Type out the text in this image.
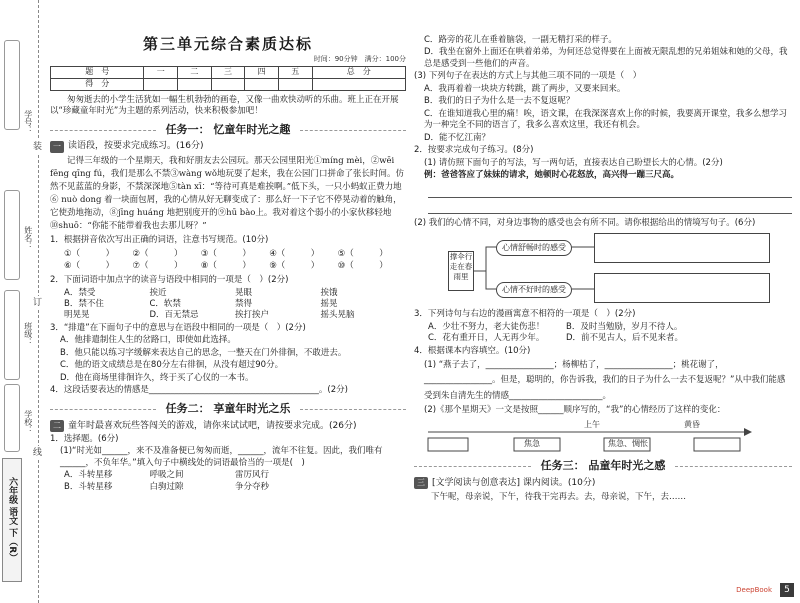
学号：
姓名：
班级：
学校：
装
订
线
六年级 语文 下（R）
第三单元综合素质达标
时间：90分钟　满分：100分
题　号	一	二	三	四	五	总　分
得　分						
匆匆逝去的小学生活犹如一幅生机勃勃的画卷，又像一曲欢快动听的乐曲。班上正在开展以“珍藏童年时光”为主题的系列活动，快来积极参加吧！
任务一： 忆童年时光之趣
一 读语段，按要求完成练习。(16分)
记得三年级的一个星期天，我和好朋友去公园玩。那天公园里阳光①míng mèi，②wēi fēng qīng fú，我们是那么不禁③wàng wǒ地玩耍了起来，我在公园门口拼命了张长时间。仿然不见蓝蓝的身影，不禁深深地⑤tàn xī：“等待可真是难挨啊。”低下头，一只小蚂蚁正费力地⑥ nuò dong 着一块面包屑，我的心情从好无聊变成了：那么好一下子它不停晃动着的触角，它使劲地拖动，⑧jīng huáng 地把别度开的⑨hū bào上。我对着这个弱小的小家伙移轻地⑩shuō：“你能不能带着我也去那儿呀？”
1．根据拼音依次写出正确的词语，注意书写规范。(10分)
①（　　　）	②（　　　）	③（　　　）	④（　　　）	⑤（　　　）
⑥（　　　）	⑦（　　　）	⑧（　　　）	⑨（　　　）	⑩（　　　）
2．下面词语中加点字的读音与语段中相同的一项是（　）(2分)
A．禁受	挨近	晃眼	挨饿
B．禁不住	C．软禁	禁得	摇晃
明晃晃	D．百无禁忌	挨打挨户	摇头晃脑
3．“排遣”在下面句子中的意思与在语段中相同的一项是（　）(2分)
A．他排遣制住人生的岔路口，即使如此选择。
B．他只能以练习字缓解来表达自己的思念，一整天在门外徘徊，不敢进去。
C．他的语文成绩总是在80分左右徘徊，从没有超过90分。
D．他在商场里徘徊许久，终于买了心仪的一本书。
4．这段话要表达的情感是________________________________________。(2分)
任务二： 享童年时光之乐
二 童年时最喜欢玩些答闯关的游戏，请你来试试吧，请按要求完成。(26分)
1．选择题。(6分)
(1)“时光如______，来不及准备便已匆匆而逝，______，流年不往复。因此，我们唯有______，不负年华。”填入句子中横线处的词语最恰当的一项是(　)
A．斗转星移	呼吸之间	雷厉风行
B．斗转星移	白驹过隙	争分夺秒
C．路旁的花儿在垂着脑袋，一副无精打采的样子。
D．我坐在窗外上面还在哄着弟弟，为何还总觉得要在上面被无限乱想的兄弟姐妹和她的父母，我总是感受到一些他们的声音。
(3) 下列句子在表达的方式上与其他三项不同的一项是（　）
A．我再着着一块块方转跳，跳了两步，又要来回来。
B．我们的日子为什么是一去不复返呢？
C．在谁知道我心里的痛！唉，语文课，在我深深喜欢上你的时候，我要离开课堂，我多么想学习为一种完全不同的语言了，我多么喜欢这里，我还有机会。
D．能不忆江南？
2．按要求完成句子练习。(8分)
(1) 请仿照下面句子的写法，写一两句话，直接表达自己盼望长大的心情。(2分)
例：爸爸答应了妹妹的请求，她顿时心花怒放，高兴得一蹦三尺高。
(2) 我们的心情不同，对身边事物的感受也会有所不同。请你根据给出的情境写句子。(6分)
撑伞行走在春雨里
心情舒畅时的感受
心情不好时的感受
3．下列诗句与右边的漫画寓意不相符的一项是（　）(2分)
A．少壮不努力，老大徒伤悲！	B．及时当勉励，岁月不待人。
C．花有重开日，人无再少年。	D．前不见古人，后不见来者。
4．根据课本内容填空。(10分)
(1) “燕子去了，________________；杨柳枯了，________________；桃花谢了，________________。但是，聪明的，你告诉我，我们的日子为什么一去不复返呢？”从中我们能感受到朱自清先生的情感______________________。
(2)《那个星期天》一文是按照______顺序写的，“我”的心情经历了这样的变化：
上午	黄昏
焦急	焦急、惆怅
任务三： 品童年时光之感
三 [文学阅读与创意表达] 课内阅读。(10分)
下午呢，母亲说，下午，待我干完再去。去，母亲说，下午，去……
DeepBook	5
